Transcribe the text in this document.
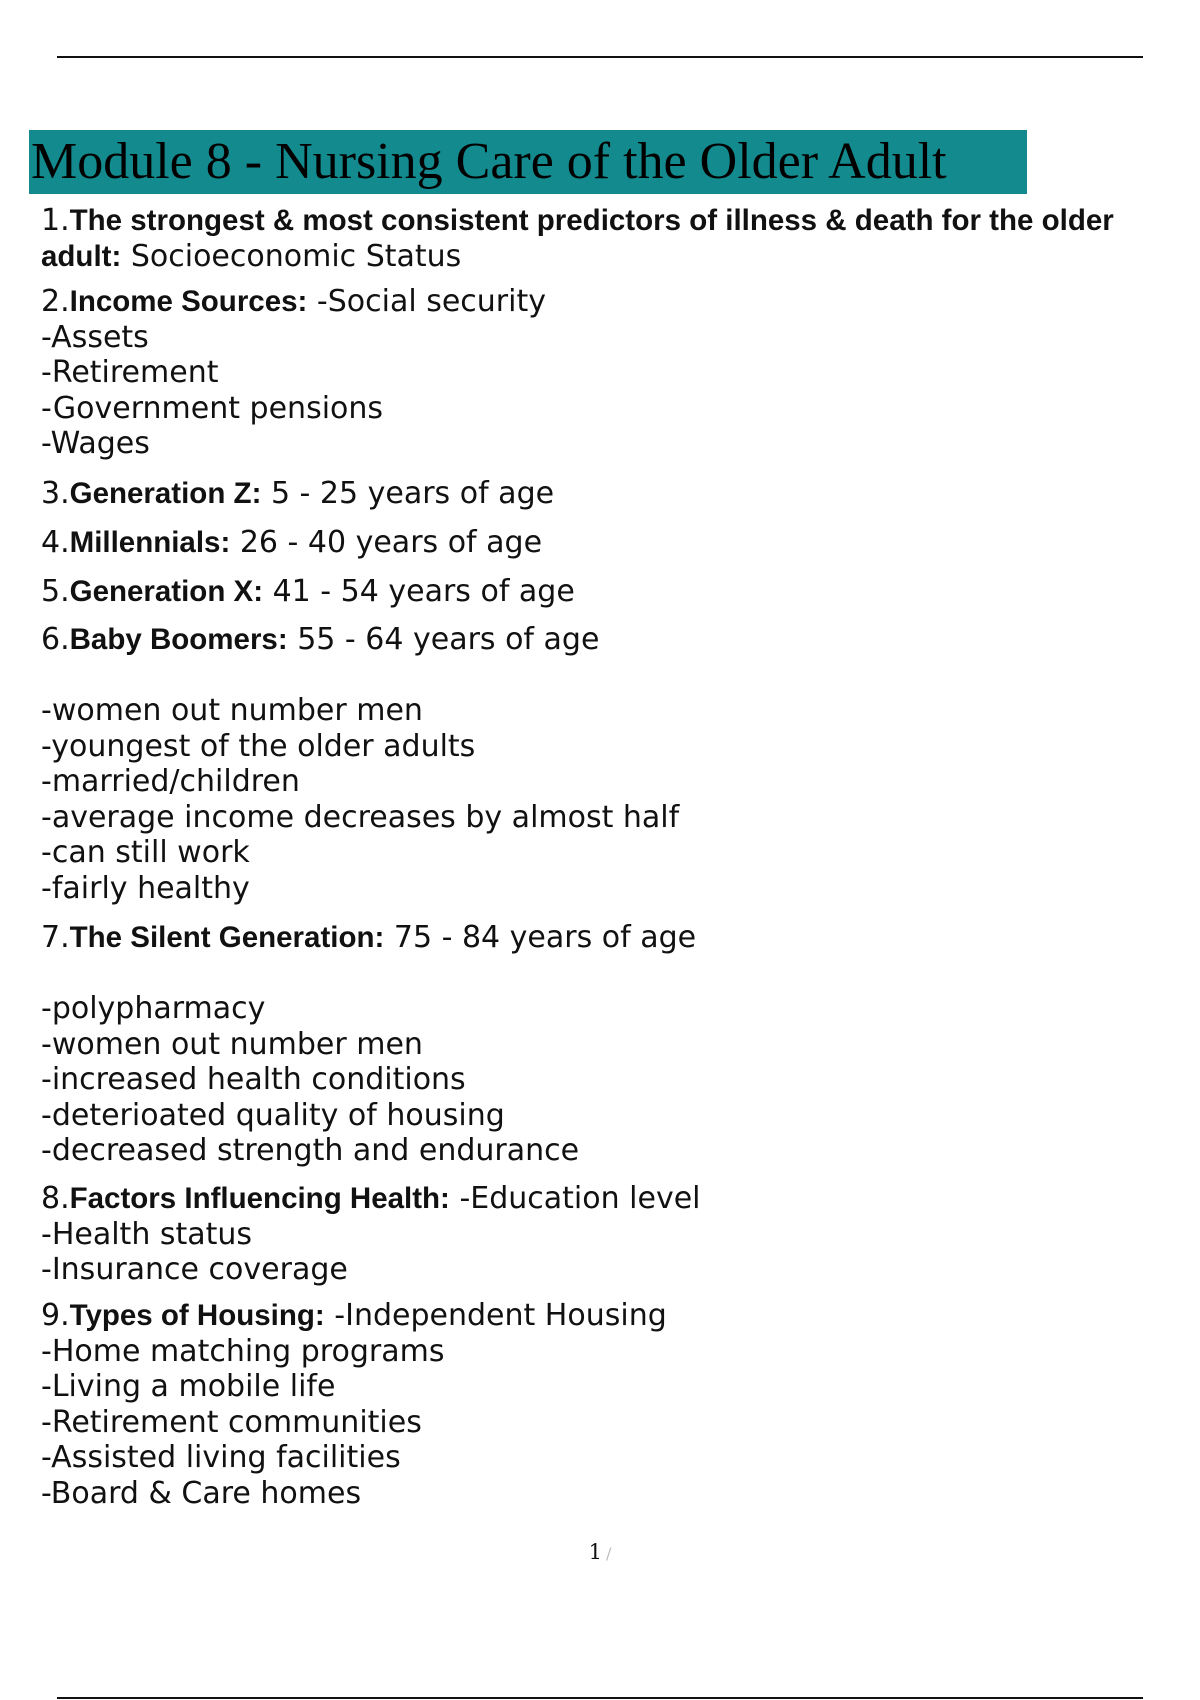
Module 8 - Nursing Care of the Older Adult
1.The strongest & most consistent predictors of illness & death for the older adult: Socioeconomic Status
2.Income Sources: -Social security
-Assets
-Retirement
-Government pensions
-Wages
3.Generation Z: 5 - 25 years of age
4.Millennials: 26 - 40 years of age
5.Generation X: 41 - 54 years of age
6.Baby Boomers: 55 - 64 years of age
-women out number men
-youngest of the older adults
-married/children
-average income decreases by almost half
-can still work
-fairly healthy
7.The Silent Generation: 75 - 84 years of age
-polypharmacy
-women out number men
-increased health conditions
-deterioated quality of housing
-decreased strength and endurance
8.Factors Influencing Health: -Education level
-Health status
-Insurance coverage
9.Types of Housing: -Independent Housing
-Home matching programs
-Living a mobile life
-Retirement communities
-Assisted living facilities
-Board & Care homes
1 /
